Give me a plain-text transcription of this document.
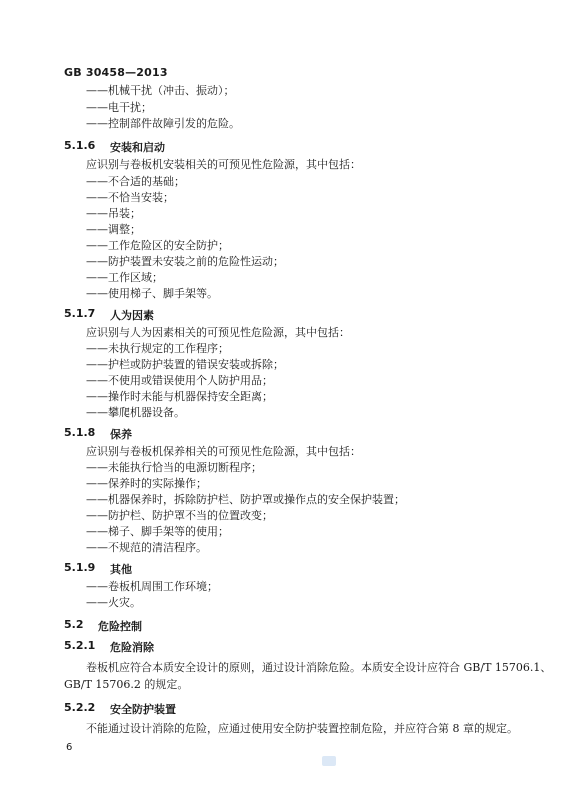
GB 30458—2013
——机械干扰（冲击、振动）；
——电干扰；
——控制部件故障引发的危险。
5.1.6 安装和启动
应识别与卷板机安装相关的可预见性危险源，其中包括：
——不合适的基础；
——不恰当安装；
——吊装；
——调整；
——工作危险区的安全防护；
——防护装置未安装之前的危险性运动；
——工作区域；
——使用梯子、脚手架等。
5.1.7 人为因素
应识别与人为因素相关的可预见性危险源，其中包括：
——未执行规定的工作程序；
——护栏或防护装置的错误安装或拆除；
——不使用或错误使用个人防护用品；
——操作时未能与机器保持安全距离；
——攀爬机器设备。
5.1.8 保养
应识别与卷板机保养相关的可预见性危险源，其中包括：
——未能执行恰当的电源切断程序；
——保养时的实际操作；
——机器保养时，拆除防护栏、防护罩或操作点的安全保护装置；
——防护栏、防护罩不当的位置改变；
——梯子、脚手架等的使用；
——不规范的清洁程序。
5.1.9 其他
——卷板机周围工作环境；
——火灾。
5.2 危险控制
5.2.1 危险消除
卷板机应符合本质安全设计的原则，通过设计消除危险。本质安全设计应符合 GB/T 15706.1、
GB/T 15706.2 的规定。
5.2.2 安全防护装置
不能通过设计消除的危险，应通过使用安全防护装置控制危险，并应符合第 8 章的规定。
6
